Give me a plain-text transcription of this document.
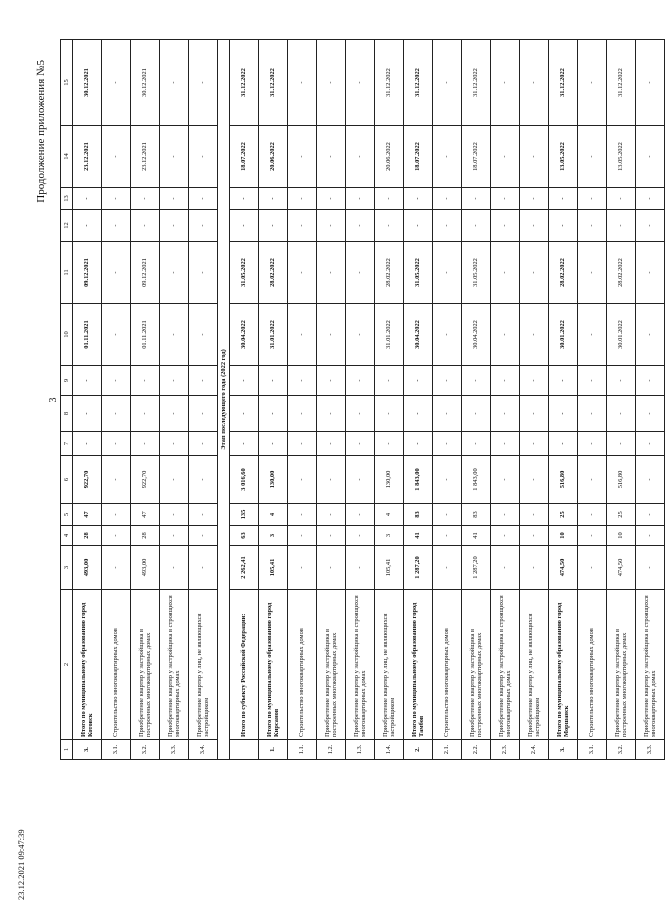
Продолжение приложения №5
3
1	2	3	4	5	6	7	8	9	10	11	12	13	14	15
3.	Итого по муниципальному образованию город Котовск	493,00	28	47	922,70	-	-	-	01.11.2021	09.12.2021	-	-	23.12.2021	30.12.2021
3.1.	Строительство многоквартирных домов	-	-	-	-	-	-	-	-	-	-	-	-	-
3.2.	Приобретение квартир у застройщика в построенных многоквартирных домах	493,00	28	47	922,70	-	-	-	01.11.2021	09.12.2021	-	-	23.12.2021	30.12.2021
3.3.	Приобретение квартир у застройщика в строящихся многоквартирных домах	-	-	-	-	-	-	-	-	-	-	-	-	-
3.4.	Приобретение квартир у лиц, не являющихся застройщиком	-	-	-	-	-	-	-	-	-	-	-	-	-
Этап последующего года (2022 год)														
	Итого по субъекту Российской Федерации:	2 262,41	63	135	3 016,60	-	-	-	30.04.2022	31.05.2022	-	-	18.07.2022	31.12.2022
1.	Итого по муниципальному образованию город Кирсанов	105,41	3	4	130,00	-	-	-	31.01.2022	28.02.2022	-	-	20.06.2022	31.12.2022
1.1.	Строительство многоквартирных домов	-	-	-	-	-	-	-	-	-	-	-	-	-
1.2.	Приобретение квартир у застройщика в построенных многоквартирных домах	-	-	-	-	-	-	-	-	-	-	-	-	-
1.3.	Приобретение квартир у застройщика в строящихся многоквартирных домах	-	-	-	-	-	-	-	-	-	-	-	-	-
1.4.	Приобретение квартир у лиц, не являющихся застройщиком	105,41	3	4	130,00	-	-	-	31.01.2022	28.02.2022	-	-	20.06.2022	31.12.2022
2.	Итого по муниципальному образованию город Тамбов	1 287,20	41	83	1 843,00	-	-	-	30.04.2022	31.05.2022	-	-	18.07.2022	31.12.2022
2.1.	Строительство многоквартирных домов	-	-	-	-	-	-	-	-	-	-	-	-	-
2.2.	Приобретение квартир у застройщика в построенных многоквартирных домах	1 287,20	41	83	1 843,00	-	-	-	30.04.2022	31.05.2022	-	-	18.07.2022	31.12.2022
2.3.	Приобретение квартир у застройщика в строящихся многоквартирных домах	-	-	-	-	-	-	-	-	-	-	-	-	-
2.4.	Приобретение квартир у лиц, не являющихся застройщиком	-	-	-	-	-	-	-	-	-	-	-	-	-
3.	Итого по муниципальному образованию город Моршанск	474,50	10	25	516,80	-	-	-	30.01.2022	28.02.2022	-	-	13.05.2022	31.12.2022
3.1.	Строительство многоквартирных домов	-	-	-	-	-	-	-	-	-	-	-	-	-
3.2.	Приобретение квартир у застройщика в построенных многоквартирных домах	474,50	10	25	516,80	-	-	-	30.01.2022	28.02.2022	-	-	13.05.2022	31.12.2022
3.3.	Приобретение квартир у застройщика в строящихся многоквартирных домах	-	-	-	-	-	-	-	-	-	-	-	-	-
23.12.2021 09:47:39
